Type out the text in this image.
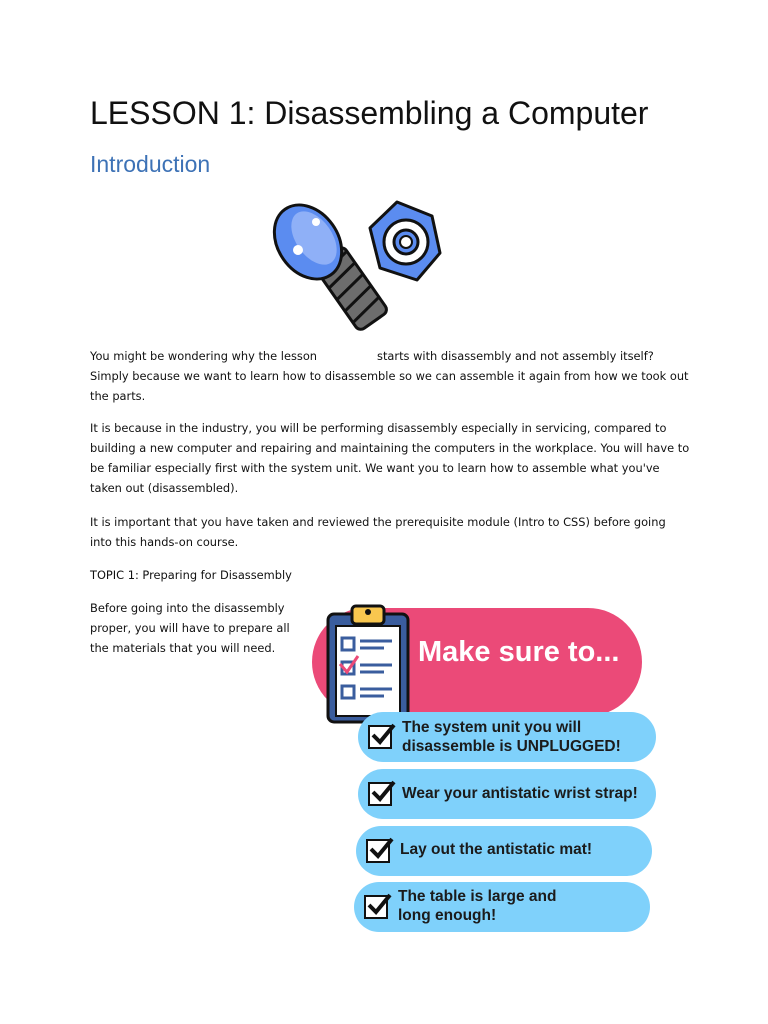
LESSON 1: Disassembling a Computer
Introduction

You might be wondering why the lesson	starts with disassembly and not assembly itself? Simply because we want to learn how to disassemble so we can assemble it again from how we took out the parts.

It is because in the industry, you will be performing disassembly especially in servicing, compared to building a new computer and repairing and maintaining the computers in the workplace. You will have to be familiar especially first with the system unit. We want you to learn how to assemble what you've taken out (disassembled).

It is important that you have taken and reviewed the prerequisite module (Intro to CSS) before going into this hands-on course.

TOPIC 1: Preparing for Disassembly

Before going into the disassembly proper, you will have to prepare all the materials that you will need.	Make sure to...
The system unit you will
disassemble is UNPLUGGED!
Wear your antistatic wrist strap!
Lay out the antistatic mat!
The table is large and
long enough!
